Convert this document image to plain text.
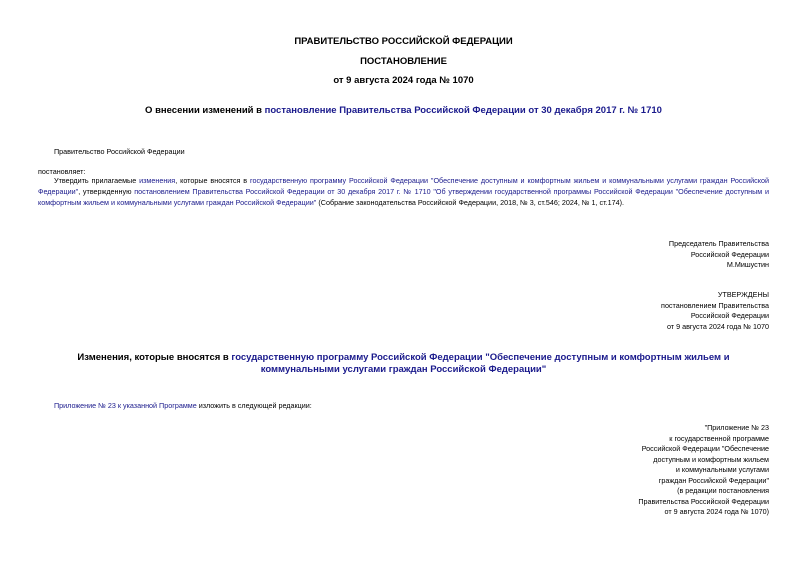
ПРАВИТЕЛЬСТВО РОССИЙСКОЙ ФЕДЕРАЦИИ
ПОСТАНОВЛЕНИЕ
от 9 августа 2024 года № 1070
О внесении изменений в постановление Правительства Российской Федерации от 30 декабря 2017 г. № 1710
Правительство Российской Федерации
постановляет:
Утвердить прилагаемые изменения, которые вносятся в государственную программу Российской Федерации "Обеспечение доступным и комфортным жильем и коммунальными услугами граждан Российской Федерации", утвержденную постановлением Правительства Российской Федерации от 30 декабря 2017 г. № 1710 "Об утверждении государственной программы Российской Федерации "Обеспечение доступным и комфортным жильем и коммунальными услугами граждан Российской Федерации" (Собрание законодательства Российской Федерации, 2018, № 3, ст.546; 2024, № 1, ст.174).
Председатель Правительства
Российской Федерации
М.Мишустин
УТВЕРЖДЕНЫ
постановлением Правительства
Российской Федерации
от 9 августа 2024 года № 1070
Изменения, которые вносятся в государственную программу Российской Федерации "Обеспечение доступным и комфортным жильем и коммунальными услугами граждан Российской Федерации"
Приложение № 23 к указанной Программе изложить в следующей редакции:
"Приложение № 23
к государственной программе
Российской Федерации "Обеспечение
доступным и комфортным жильем
и коммунальными услугами
граждан Российской Федерации"
(в редакции постановления
Правительства Российской Федерации
от 9 августа 2024 года № 1070)
